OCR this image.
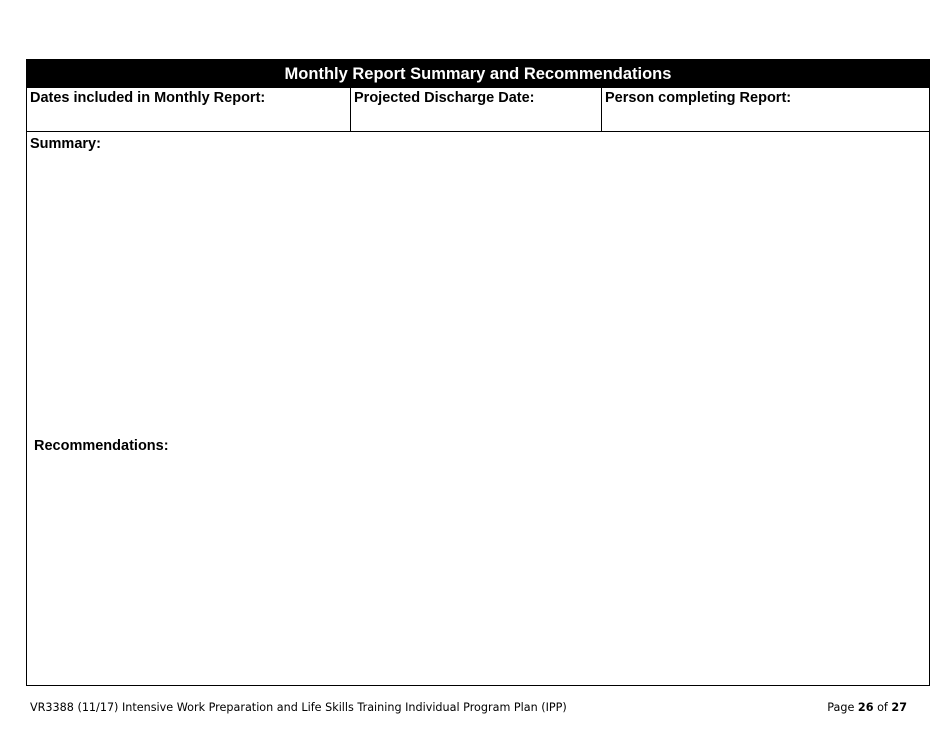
Monthly Report Summary and Recommendations
Dates included in Monthly Report:	Projected Discharge Date:	Person completing Report:
Summary:
Recommendations:
VR3388 (11/17) Intensive Work Preparation and Life Skills Training Individual Program Plan (IPP)	Page 26 of 27
